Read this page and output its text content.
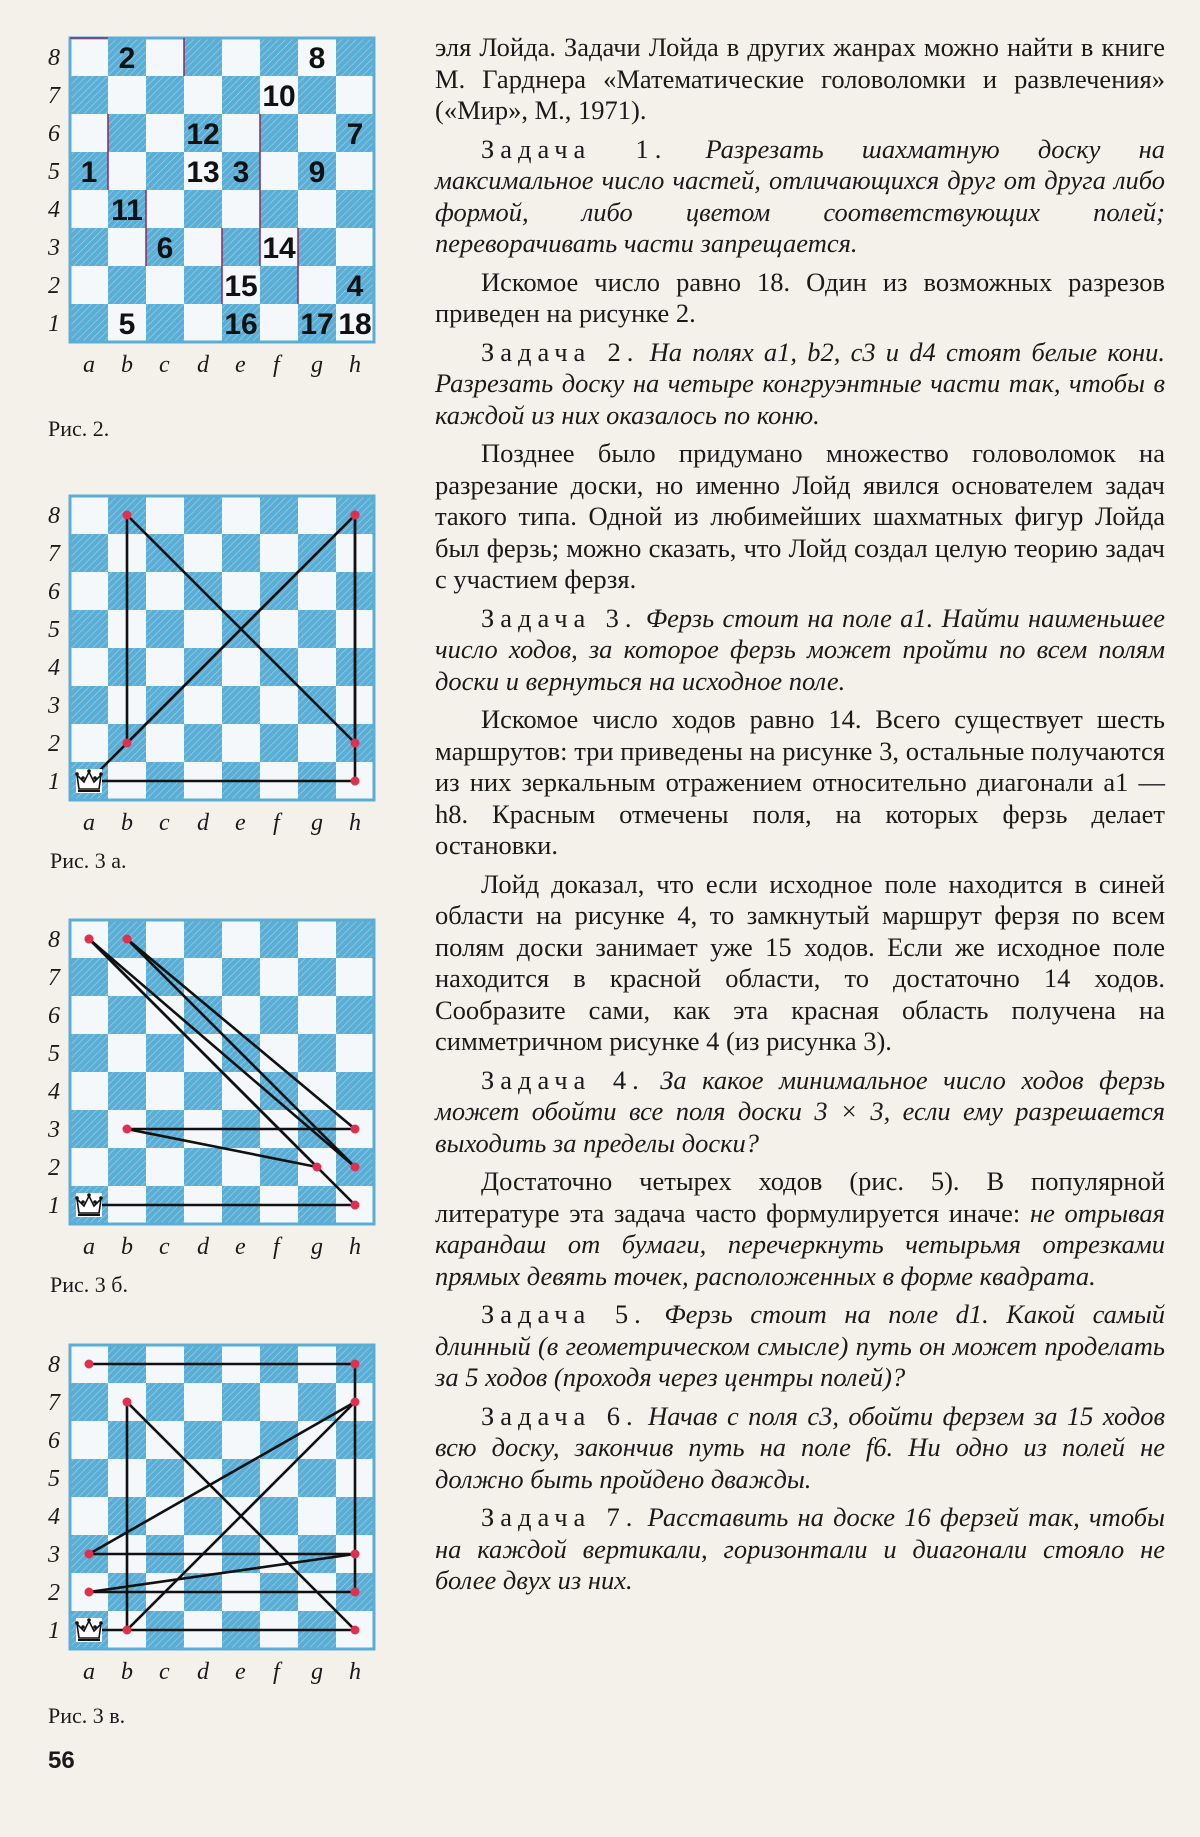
8
7
6
5
4
3
2
1
a b c d e f g h
1
2
3
4
5
6
7
8
9
10
11
12
13
14
15
16 17 18
Рис. 2.
8
7
6
5
4
3
2
1
a b c d e f g h
Рис. 3 а.
8
7
6
5
4
3
2
1
a b c d e f g h
Рис. 3 б.
8
7
6
5
4
3
2
1
a b c d e f g h
Рис. 3 в.

эля Лойда. Задачи Лойда в других жанрах можно найти в книге М. Гарднера «Математические головоломки и развлечения» («Мир», М., 1971).

Задача 1. Разрезать шахматную доску на максимальное число частей, отличающихся друг от друга либо формой, либо цветом соответствующих полей; переворачивать части запрещается.

Искомое число равно 18. Один из возможных разрезов приведен на рисунке 2.

Задача 2. На полях a1, b2, c3 и d4 стоят белые кони. Разрезать доску на четыре конгруэнтные части так, чтобы в каждой из них оказалось по коню.

Позднее было придумано множество головоломок на разрезание доски, но именно Лойд явился основателем задач такого типа. Одной из любимейших шахматных фигур Лойда был ферзь; можно сказать, что Лойд создал целую теорию задач с участием ферзя.

Задача 3. Ферзь стоит на поле a1. Найти наименьшее число ходов, за которое ферзь может пройти по всем полям доски и вернуться на исходное поле.

Искомое число ходов равно 14. Всего существует шесть маршрутов: три приведены на рисунке 3, остальные получаются из них зеркальным отражением относительно диагонали a1 — h8. Красным отмечены поля, на которых ферзь делает остановки.

Лойд доказал, что если исходное поле находится в синей области на рисунке 4, то замкнутый маршрут ферзя по всем полям доски занимает уже 15 ходов. Если же исходное поле находится в красной области, то достаточно 14 ходов. Сообразите сами, как эта красная область получена на симметричном рисунке 4 (из рисунка 3).

Задача 4. За какое минимальное число ходов ферзь может обойти все поля доски 3 × 3, если ему разрешается выходить за пределы доски?

Достаточно четырех ходов (рис. 5). В популярной литературе эта задача часто формулируется иначе: не отрывая карандаш от бумаги, перечеркнуть четырьмя отрезками прямых девять точек, расположенных в форме квадрата.

Задача 5. Ферзь стоит на поле d1. Какой самый длинный (в геометрическом смысле) путь он может проделать за 5 ходов (проходя через центры полей)?

Задача 6. Начав с поля c3, обойти ферзем за 15 ходов всю доску, закончив путь на поле f6. Ни одно из полей не должно быть пройдено дважды.

Задача 7. Расставить на доске 16 ферзей так, чтобы на каждой вертикали, горизонтали и диагонали стояло не более двух из них.

56
